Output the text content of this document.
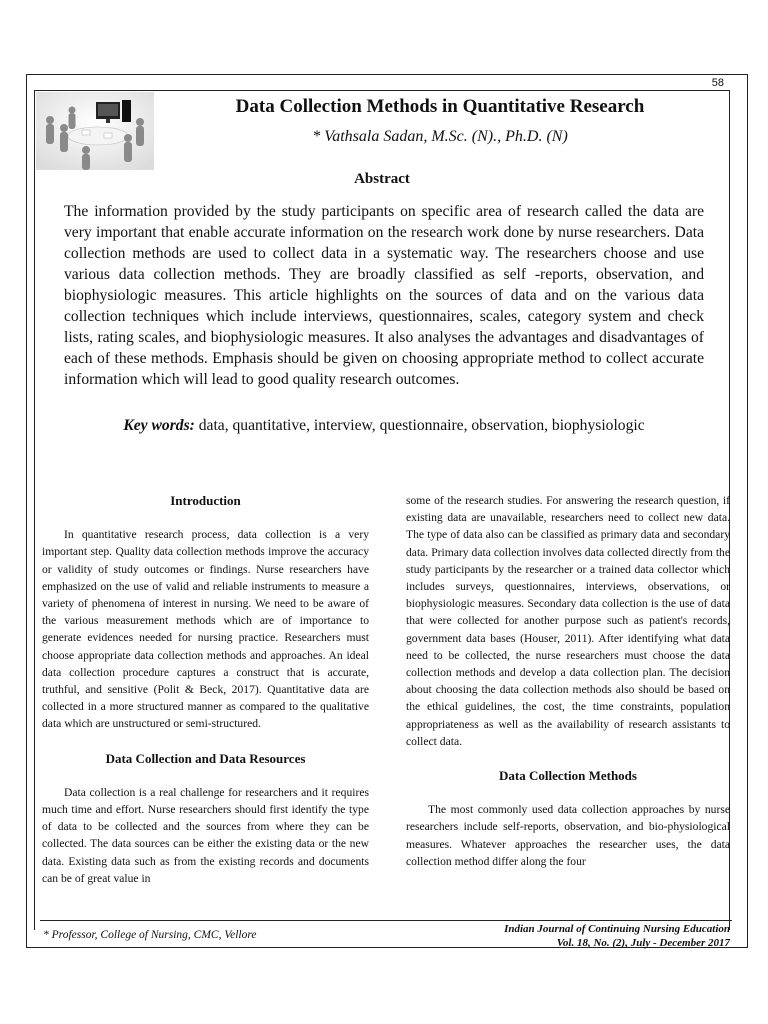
58
Data Collection Methods in Quantitative Research
* Vathsala Sadan, M.Sc. (N)., Ph.D. (N)
Abstract
The information provided by the study participants on specific area of research called the data are very important that enable accurate information on the research work done by nurse researchers. Data collection methods are used to collect data in a systematic way. The researchers choose and use various data collection methods. They are broadly classified as self -reports, observation, and biophysiologic measures. This article highlights on the sources of data and on the various data collection techniques which include interviews, questionnaires, scales, category system and check lists, rating scales, and biophysiologic measures. It also analyses the advantages and disadvantages of each of these methods. Emphasis should be given on choosing appropriate method to collect accurate information which will lead to good quality research outcomes.
Key words: data, quantitative, interview, questionnaire, observation, biophysiologic

Introduction

In quantitative research process, data collection is a very important step. Quality data collection methods improve the accuracy or validity of study outcomes or findings. Nurse researchers have emphasized on the use of valid and reliable instruments to measure a variety of phenomena of interest in nursing. We need to be aware of the various measurement methods which are of importance to generate evidences needed for nursing practice. Researchers must choose appropriate data collection methods and approaches. An ideal data collection procedure captures a construct that is accurate, truthful, and sensitive (Polit & Beck, 2017). Quantitative data are collected in a more structured manner as compared to the qualitative data which are unstructured or semi-structured.

Data Collection and Data Resources

Data collection is a real challenge for researchers and it requires much time and effort. Nurse researchers should first identify the type of data to be collected and the sources from where they can be collected. The data sources can be either the existing data or the new data. Existing data such as from the existing records and documents can be of great value in

some of the research studies. For answering the research question, if existing data are unavailable, researchers need to collect new data. The type of data also can be classified as primary data and secondary data. Primary data collection involves data collected directly from the study participants by the researcher or a trained data collector which includes surveys, questionnaires, interviews, observations, or biophysiologic measures. Secondary data collection is the use of data that were collected for another purpose such as patient's records, government data bases (Houser, 2011). After identifying what data need to be collected, the nurse researchers must choose the data collection methods and develop a data collection plan. The decision about choosing the data collection methods also should be based on the ethical guidelines, the cost, the time constraints, population appropriateness as well as the availability of research assistants to collect data.

Data Collection Methods

The most commonly used data collection approaches by nurse researchers include self-reports, observation, and bio-physiological measures. Whatever approaches the researcher uses, the data collection method differ along the four

* Professor, College of Nursing, CMC, Vellore	Indian Journal of Continuing Nursing Education
Vol. 18, No. (2), July - December 2017
